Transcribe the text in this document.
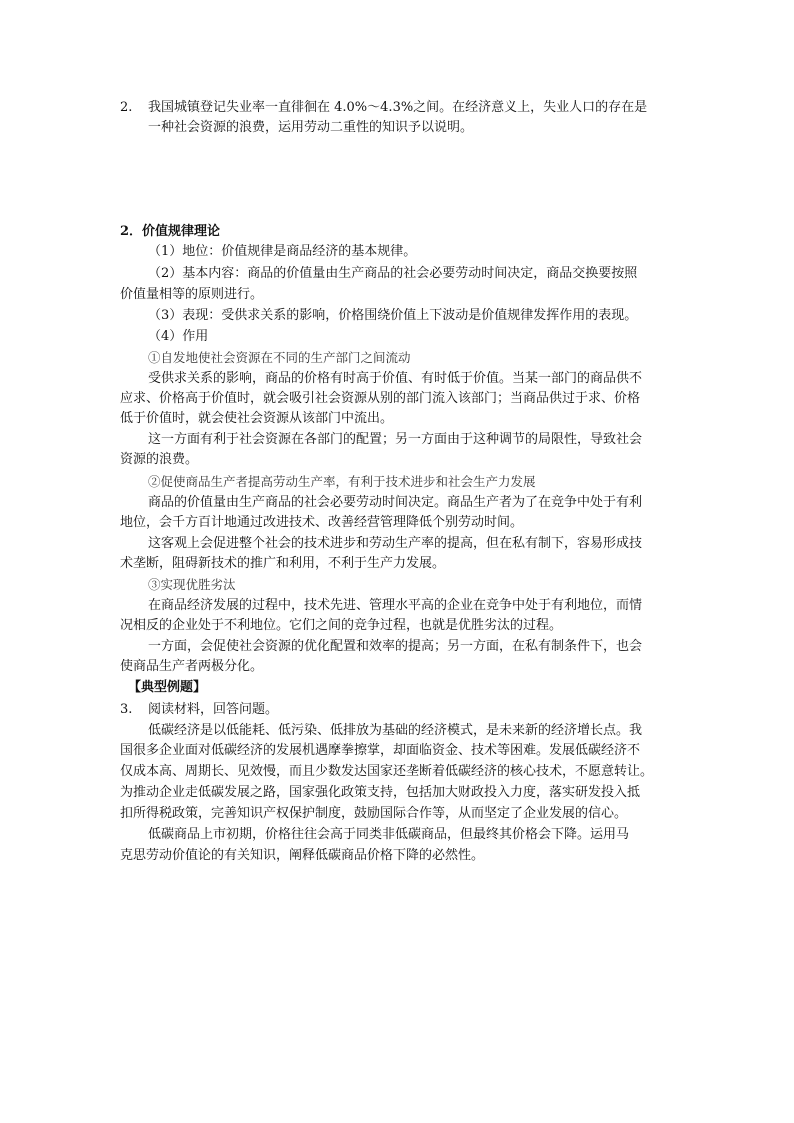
2. 我国城镇登记失业率一直徘徊在 4.0%～4.3%之间。在经济意义上，失业人口的存在是

一种社会资源的浪费，运用劳动二重性的知识予以说明。

2．价值规律理论

（1）地位：价值规律是商品经济的基本规律。

（2）基本内容：商品的价值量由生产商品的社会必要劳动时间决定，商品交换要按照

价值量相等的原则进行。

（3）表现：受供求关系的影响，价格围绕价值上下波动是价值规律发挥作用的表现。

（4）作用

①自发地使社会资源在不同的生产部门之间流动

受供求关系的影响，商品的价格有时高于价值、有时低于价值。当某一部门的商品供不

应求、价格高于价值时，就会吸引社会资源从别的部门流入该部门；当商品供过于求、价格

低于价值时，就会使社会资源从该部门中流出。

这一方面有利于社会资源在各部门的配置；另一方面由于这种调节的局限性，导致社会

资源的浪费。

②促使商品生产者提高劳动生产率，有利于技术进步和社会生产力发展

商品的价值量由生产商品的社会必要劳动时间决定。商品生产者为了在竞争中处于有利

地位，会千方百计地通过改进技术、改善经营管理降低个别劳动时间。

这客观上会促进整个社会的技术进步和劳动生产率的提高，但在私有制下，容易形成技

术垄断，阻碍新技术的推广和利用，不利于生产力发展。

③实现优胜劣汰

在商品经济发展的过程中，技术先进、管理水平高的企业在竞争中处于有利地位，而情

况相反的企业处于不利地位。它们之间的竞争过程，也就是优胜劣汰的过程。

一方面，会促使社会资源的优化配置和效率的提高；另一方面，在私有制条件下，也会

使商品生产者两极分化。

【典型例题】

3. 阅读材料，回答问题。

低碳经济是以低能耗、低污染、低排放为基础的经济模式，是未来新的经济增长点。我

国很多企业面对低碳经济的发展机遇摩拳擦掌，却面临资金、技术等困难。发展低碳经济不

仅成本高、周期长、见效慢，而且少数发达国家还垄断着低碳经济的核心技术，不愿意转让。

为推动企业走低碳发展之路，国家强化政策支持，包括加大财政投入力度，落实研发投入抵

扣所得税政策，完善知识产权保护制度，鼓励国际合作等，从而坚定了企业发展的信心。

低碳商品上市初期，价格往往会高于同类非低碳商品，但最终其价格会下降。运用马

克思劳动价值论的有关知识，阐释低碳商品价格下降的必然性。
